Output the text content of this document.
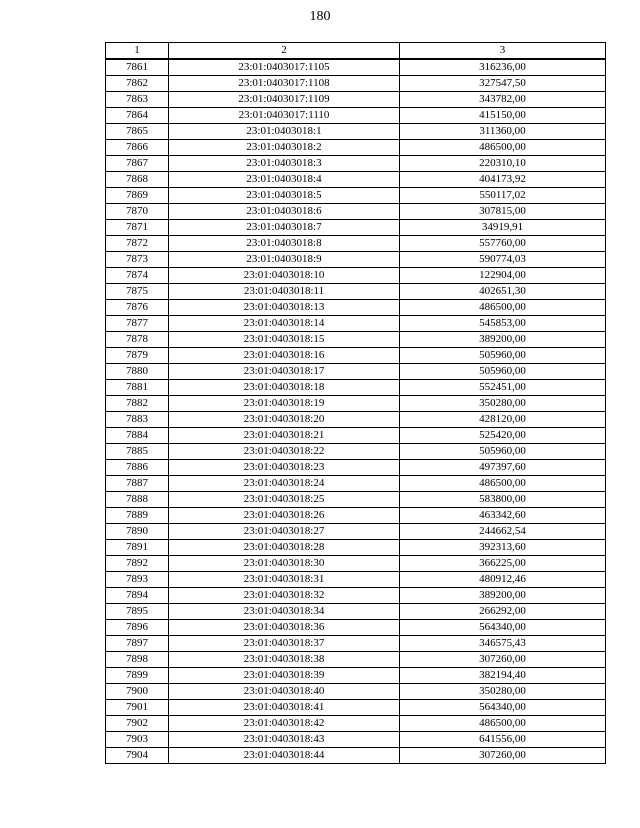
180
1	2	3
7861	23:01:0403017:1105	316236,00
7862	23:01:0403017:1108	327547,50
7863	23:01:0403017:1109	343782,00
7864	23:01:0403017:1110	415150,00
7865	23:01:0403018:1	311360,00
7866	23:01:0403018:2	486500,00
7867	23:01:0403018:3	220310,10
7868	23:01:0403018:4	404173,92
7869	23:01:0403018:5	550117,02
7870	23:01:0403018:6	307815,00
7871	23:01:0403018:7	34919,91
7872	23:01:0403018:8	557760,00
7873	23:01:0403018:9	590774,03
7874	23:01:0403018:10	122904,00
7875	23:01:0403018:11	402651,30
7876	23:01:0403018:13	486500,00
7877	23:01:0403018:14	545853,00
7878	23:01:0403018:15	389200,00
7879	23:01:0403018:16	505960,00
7880	23:01:0403018:17	505960,00
7881	23:01:0403018:18	552451,00
7882	23:01:0403018:19	350280,00
7883	23:01:0403018:20	428120,00
7884	23:01:0403018:21	525420,00
7885	23:01:0403018:22	505960,00
7886	23:01:0403018:23	497397,60
7887	23:01:0403018:24	486500,00
7888	23:01:0403018:25	583800,00
7889	23:01:0403018:26	463342,60
7890	23:01:0403018:27	244662,54
7891	23:01:0403018:28	392313,60
7892	23:01:0403018:30	366225,00
7893	23:01:0403018:31	480912,46
7894	23:01:0403018:32	389200,00
7895	23:01:0403018:34	266292,00
7896	23:01:0403018:36	564340,00
7897	23:01:0403018:37	346575,43
7898	23:01:0403018:38	307260,00
7899	23:01:0403018:39	382194,40
7900	23:01:0403018:40	350280,00
7901	23:01:0403018:41	564340,00
7902	23:01:0403018:42	486500,00
7903	23:01:0403018:43	641556,00
7904	23:01:0403018:44	307260,00
